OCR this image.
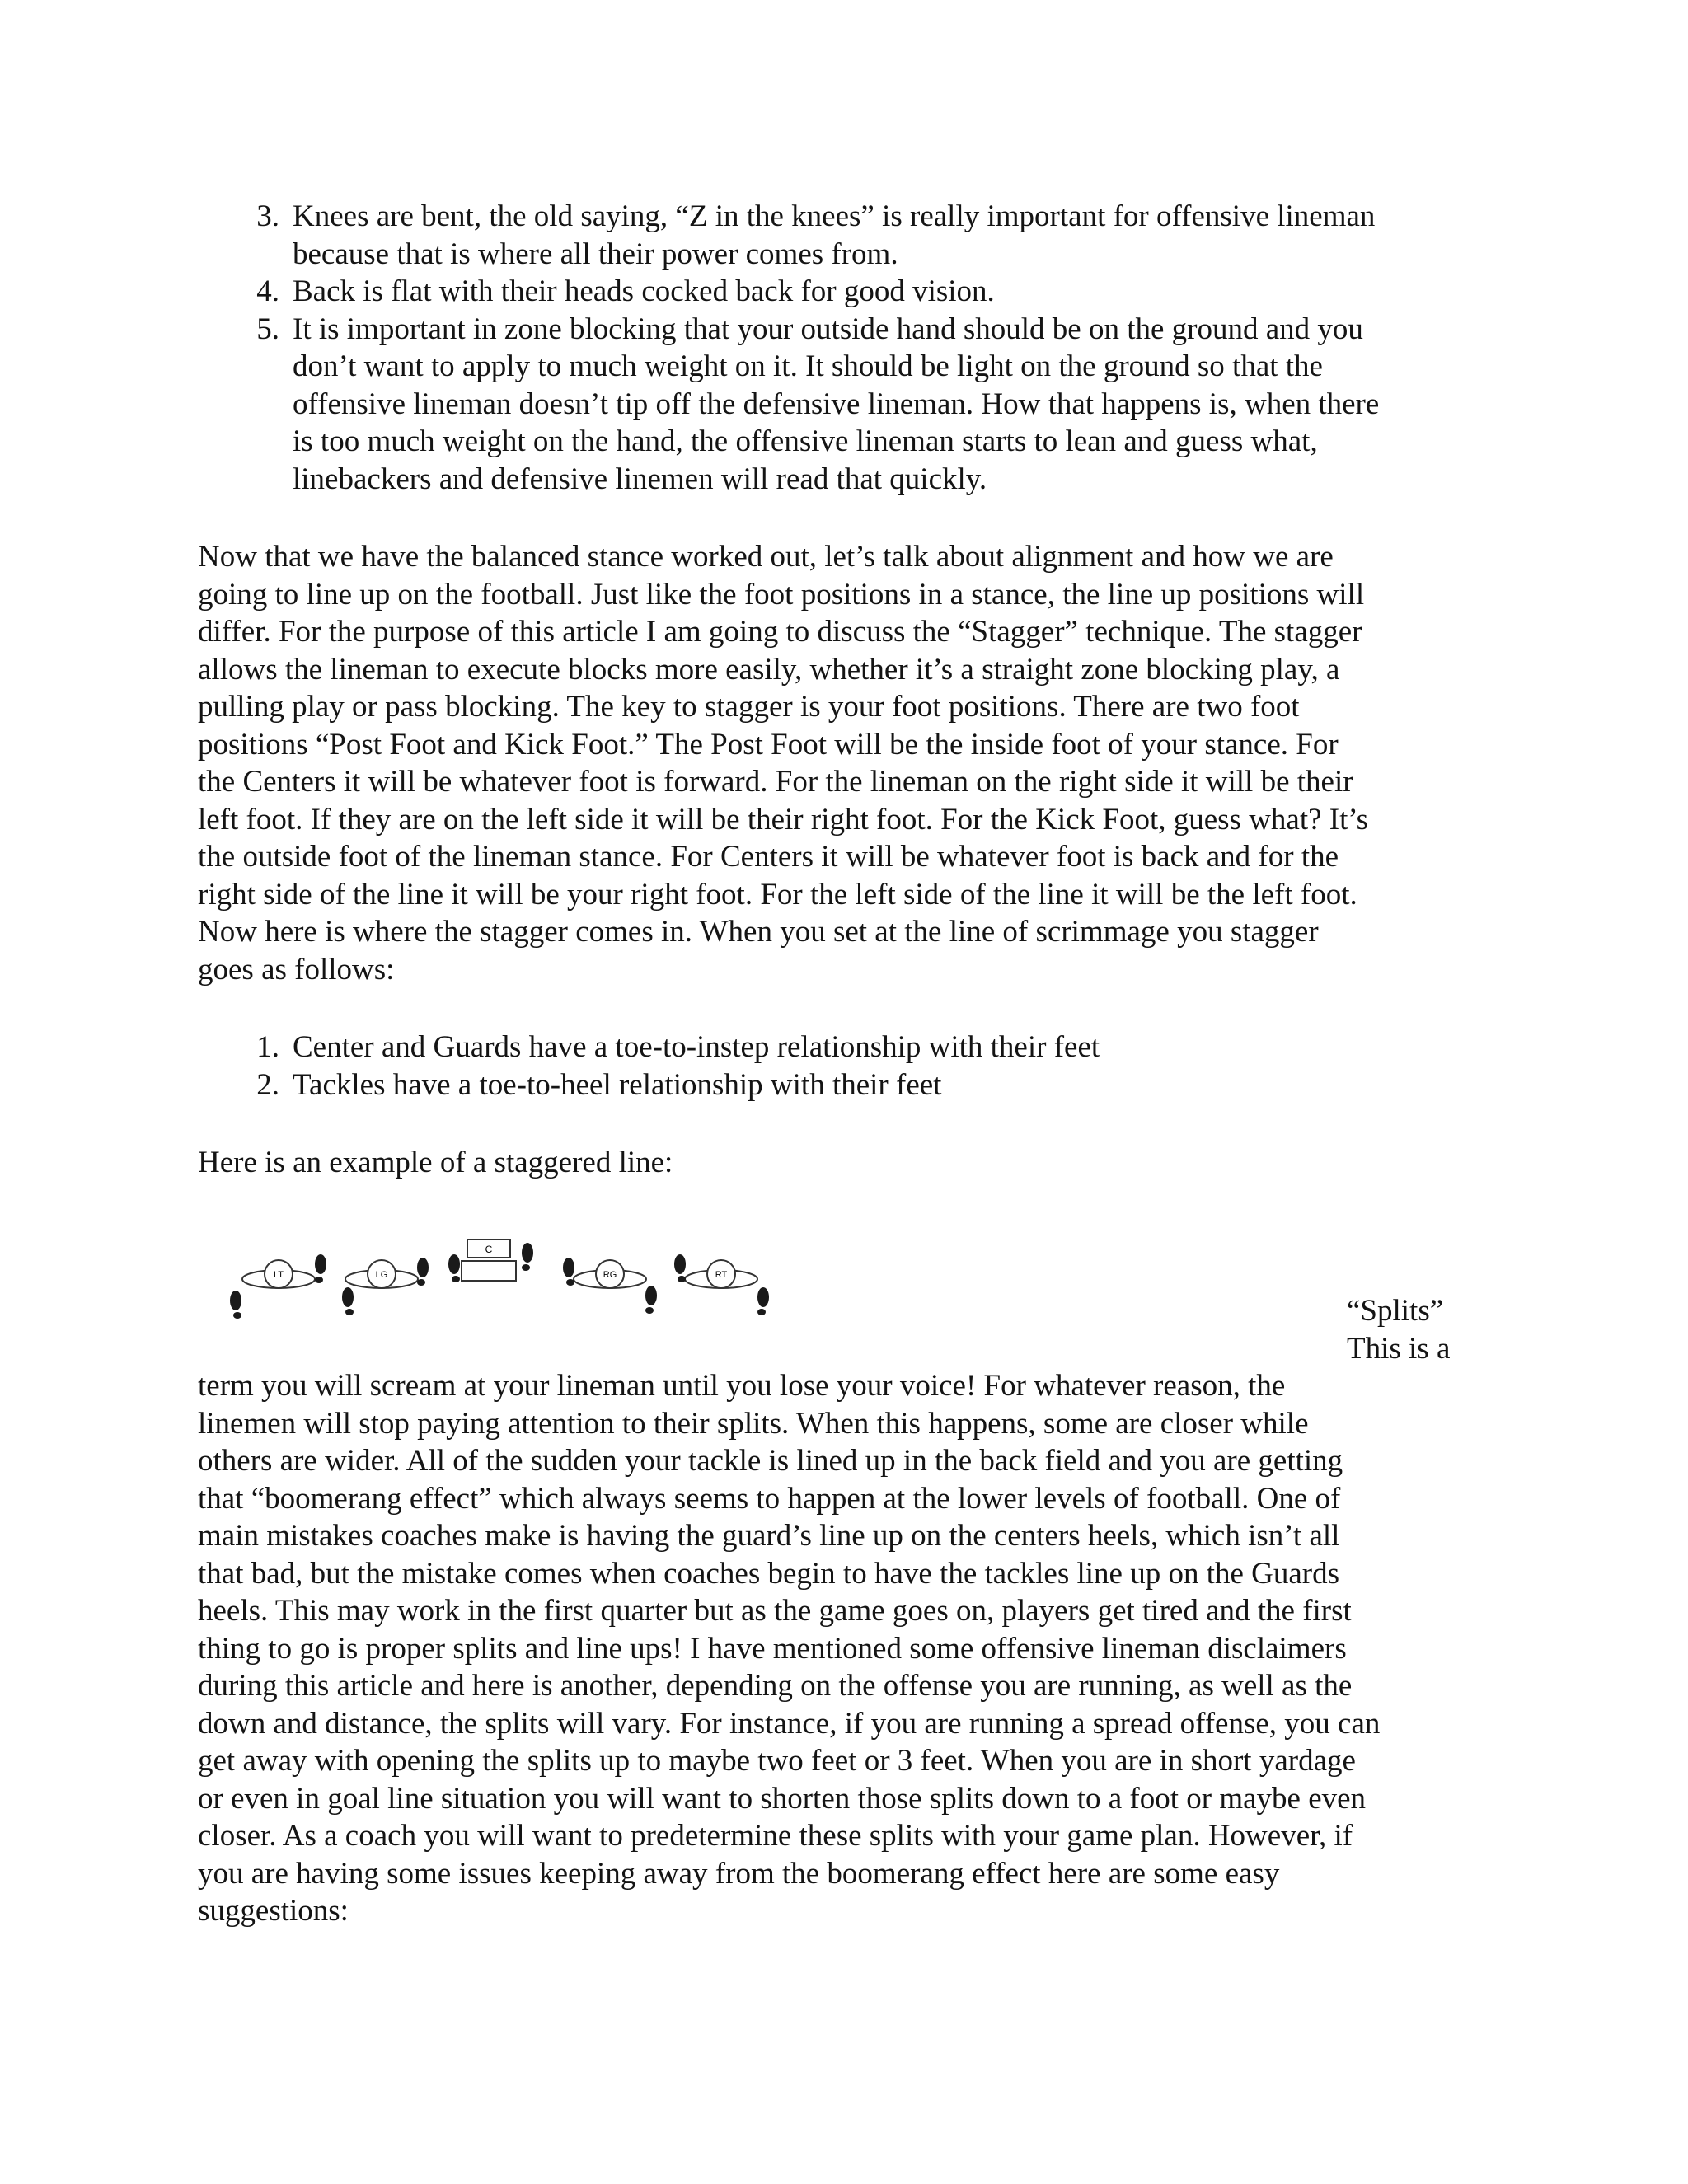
3. Knees are bent, the old saying, “Z in the knees” is really important for offensive lineman
because that is where all their power comes from.
4. Back is flat with their heads cocked back for good vision.
5. It is important in zone blocking that your outside hand should be on the ground and you
don’t want to apply to much weight on it. It should be light on the ground so that the
offensive lineman doesn’t tip off the defensive lineman. How that happens is, when there
is too much weight on the hand, the offensive lineman starts to lean and guess what,
linebackers and defensive linemen will read that quickly.
Now that we have the balanced stance worked out, let’s talk about alignment and how we are
going to line up on the football. Just like the foot positions in a stance, the line up positions will
differ. For the purpose of this article I am going to discuss the “Stagger” technique. The stagger
allows the lineman to execute blocks more easily, whether it’s a straight zone blocking play, a
pulling play or pass blocking. The key to stagger is your foot positions. There are two foot
positions “Post Foot and Kick Foot.” The Post Foot will be the inside foot of your stance. For
the Centers it will be whatever foot is forward. For the lineman on the right side it will be their
left foot. If they are on the left side it will be their right foot. For the Kick Foot, guess what? It’s
the outside foot of the lineman stance. For Centers it will be whatever foot is back and for the
right side of the line it will be your right foot. For the left side of the line it will be the left foot.
Now here is where the stagger comes in. When you set at the line of scrimmage you stagger
goes as follows:
1. Center and Guards have a toe-to-instep relationship with their feet
2. Tackles have a toe-to-heel relationship with their feet
Here is an example of a staggered line:
LT	LG
C
RG	RT
“Splits”
This is a
term you will scream at your lineman until you lose your voice! For whatever reason, the
linemen will stop paying attention to their splits. When this happens, some are closer while
others are wider. All of the sudden your tackle is lined up in the back field and you are getting
that “boomerang effect” which always seems to happen at the lower levels of football. One of
main mistakes coaches make is having the guard’s line up on the centers heels, which isn’t all
that bad, but the mistake comes when coaches begin to have the tackles line up on the Guards
heels. This may work in the first quarter but as the game goes on, players get tired and the first
thing to go is proper splits and line ups! I have mentioned some offensive lineman disclaimers
during this article and here is another, depending on the offense you are running, as well as the
down and distance, the splits will vary. For instance, if you are running a spread offense, you can
get away with opening the splits up to maybe two feet or 3 feet. When you are in short yardage
or even in goal line situation you will want to shorten those splits down to a foot or maybe even
closer. As a coach you will want to predetermine these splits with your game plan. However, if
you are having some issues keeping away from the boomerang effect here are some easy
suggestions:
